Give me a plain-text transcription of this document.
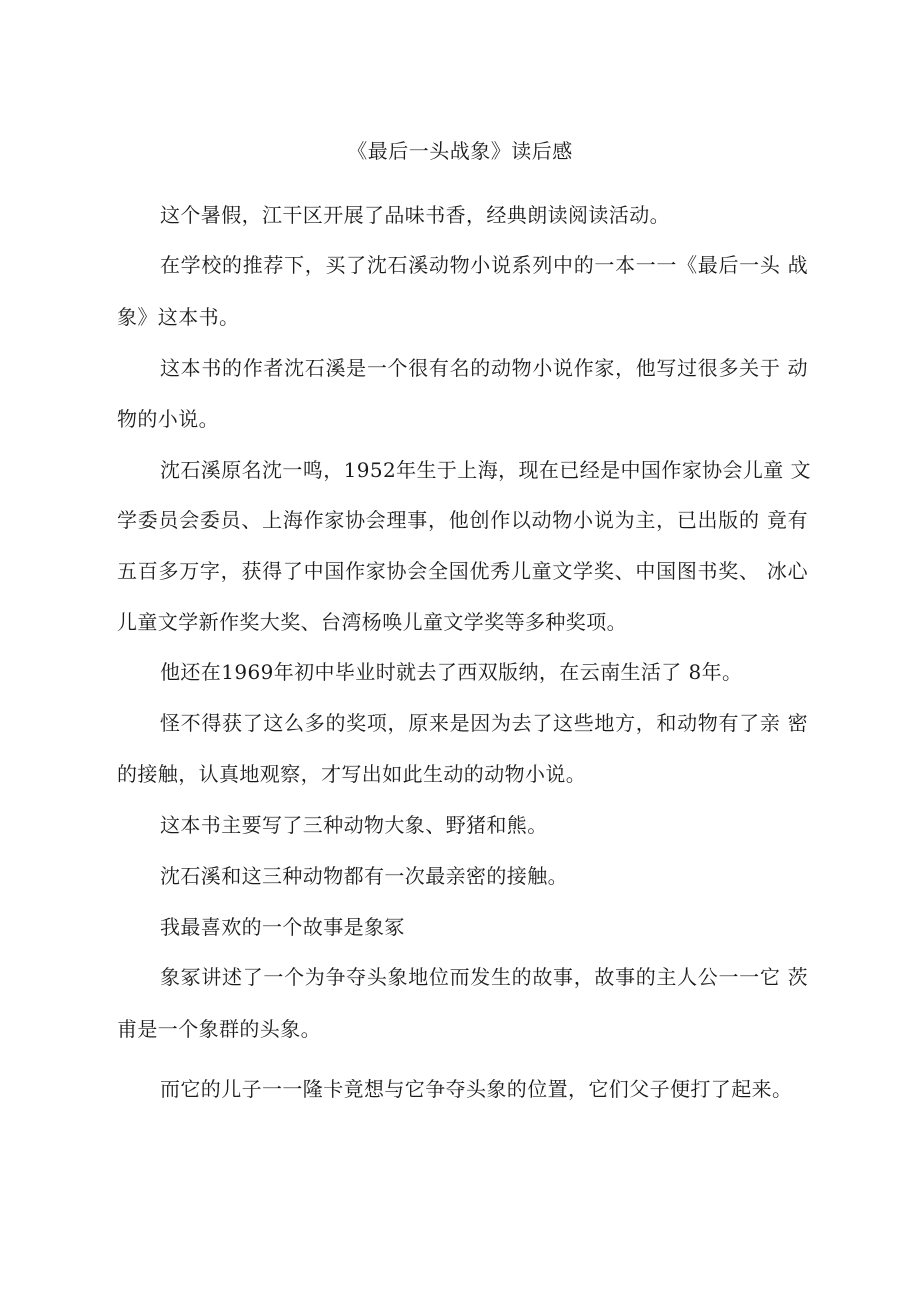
《最后一头战象》读后感
这个暑假，江干区开展了品味书香，经典朗读阅读活动。
在学校的推荐下，买了沈石溪动物小说系列中的一本一一《最后一头 战
象》这本书。
这本书的作者沈石溪是一个很有名的动物小说作家，他写过很多关于 动
物的小说。
沈石溪原名沈一鸣，1952年生于上海，现在已经是中国作家协会儿童 文
学委员会委员、上海作家协会理事，他创作以动物小说为主，已出版的 竟有
五百多万字，获得了中国作家协会全国优秀儿童文学奖、中国图书奖、 冰心
儿童文学新作奖大奖、台湾杨唤儿童文学奖等多种奖项。
他还在1969年初中毕业时就去了西双版纳，在云南生活了 8年。
怪不得获了这么多的奖项，原来是因为去了这些地方，和动物有了亲 密
的接触，认真地观察，才写出如此生动的动物小说。
这本书主要写了三种动物大象、野猪和熊。
沈石溪和这三种动物都有一次最亲密的接触。
我最喜欢的一个故事是象冢
象冢讲述了一个为争夺头象地位而发生的故事，故事的主人公一一它 茨
甫是一个象群的头象。
而它的儿子一一隆卡竟想与它争夺头象的位置，它们父子便打了起来。
